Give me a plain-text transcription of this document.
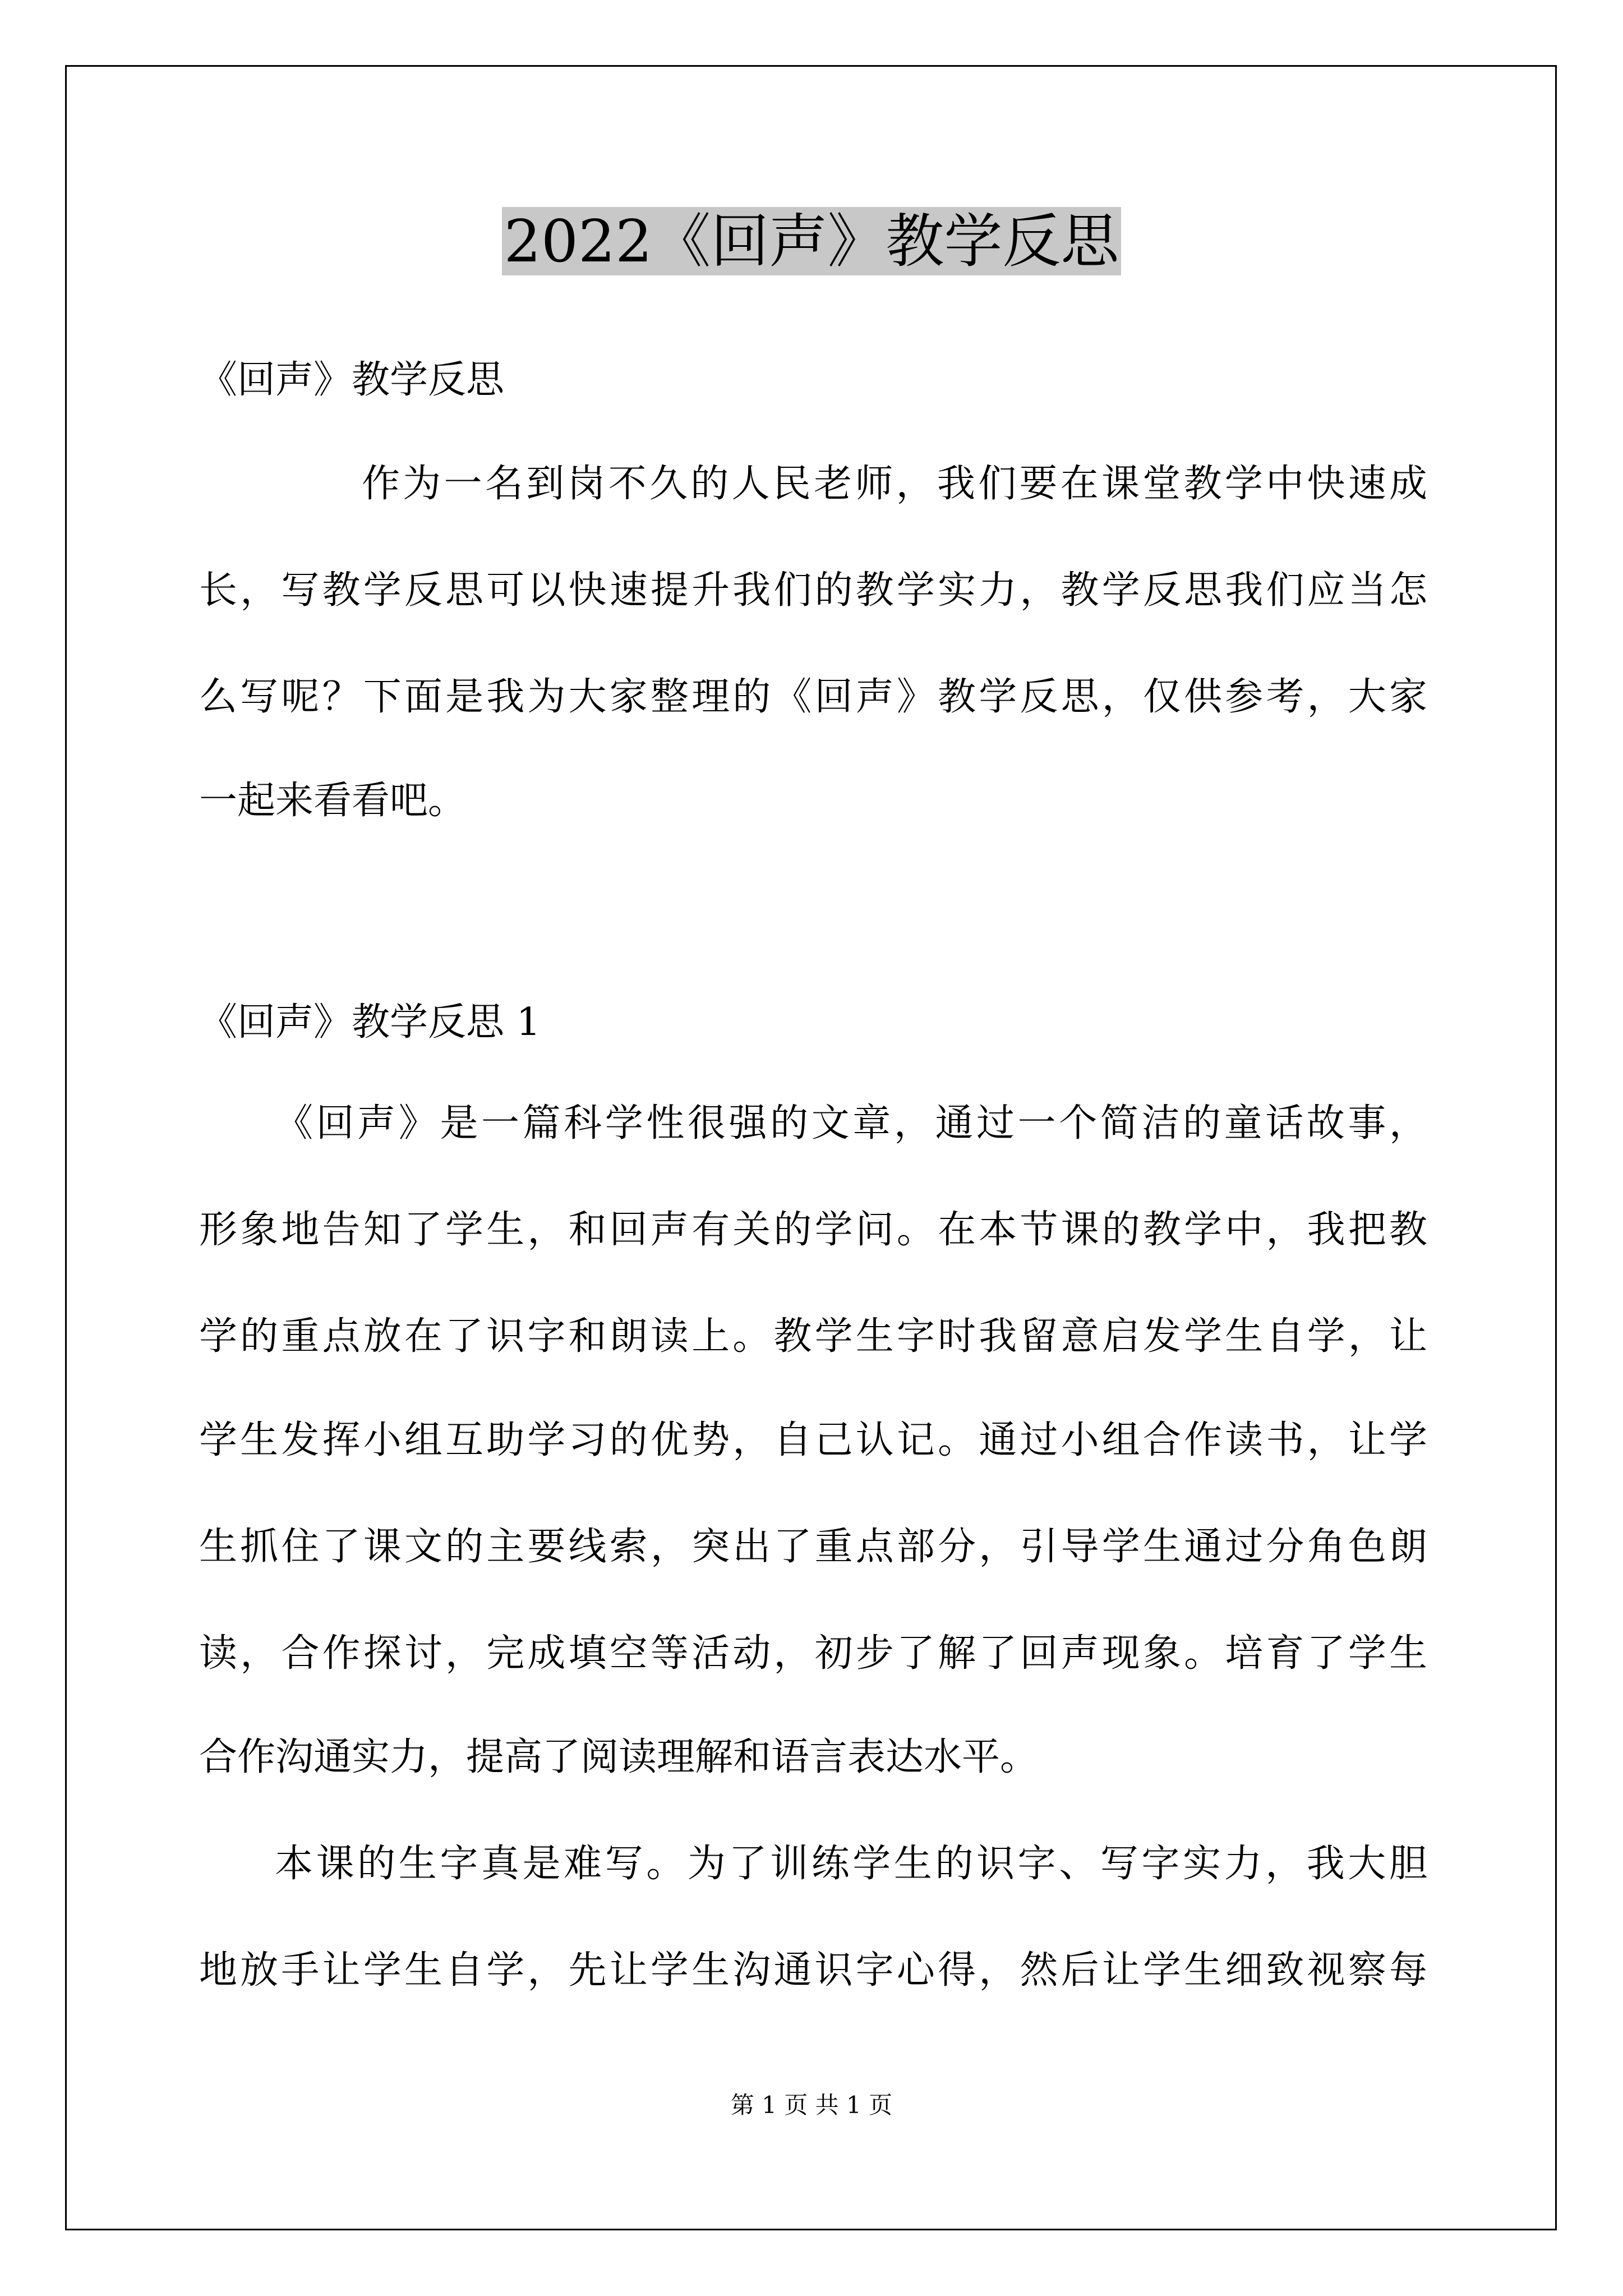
2022《回声》教学反思
《回声》教学反思
作为一名到岗不久的人民老师，我们要在课堂教学中快速成
长，写教学反思可以快速提升我们的教学实力，教学反思我们应当怎
么写呢？下面是我为大家整理的《回声》教学反思，仅供参考，大家
一起来看看吧。
《回声》教学反思 1
《回声》是一篇科学性很强的文章，通过一个简洁的童话故事，
形象地告知了学生，和回声有关的学问。在本节课的教学中，我把教
学的重点放在了识字和朗读上。教学生字时我留意启发学生自学，让
学生发挥小组互助学习的优势，自己认记。通过小组合作读书，让学
生抓住了课文的主要线索，突出了重点部分，引导学生通过分角色朗
读，合作探讨，完成填空等活动，初步了解了回声现象。培育了学生
合作沟通实力，提高了阅读理解和语言表达水平。
本课的生字真是难写。为了训练学生的识字、写字实力，我大胆
地放手让学生自学，先让学生沟通识字心得，然后让学生细致视察每
第 1 页 共 1 页
